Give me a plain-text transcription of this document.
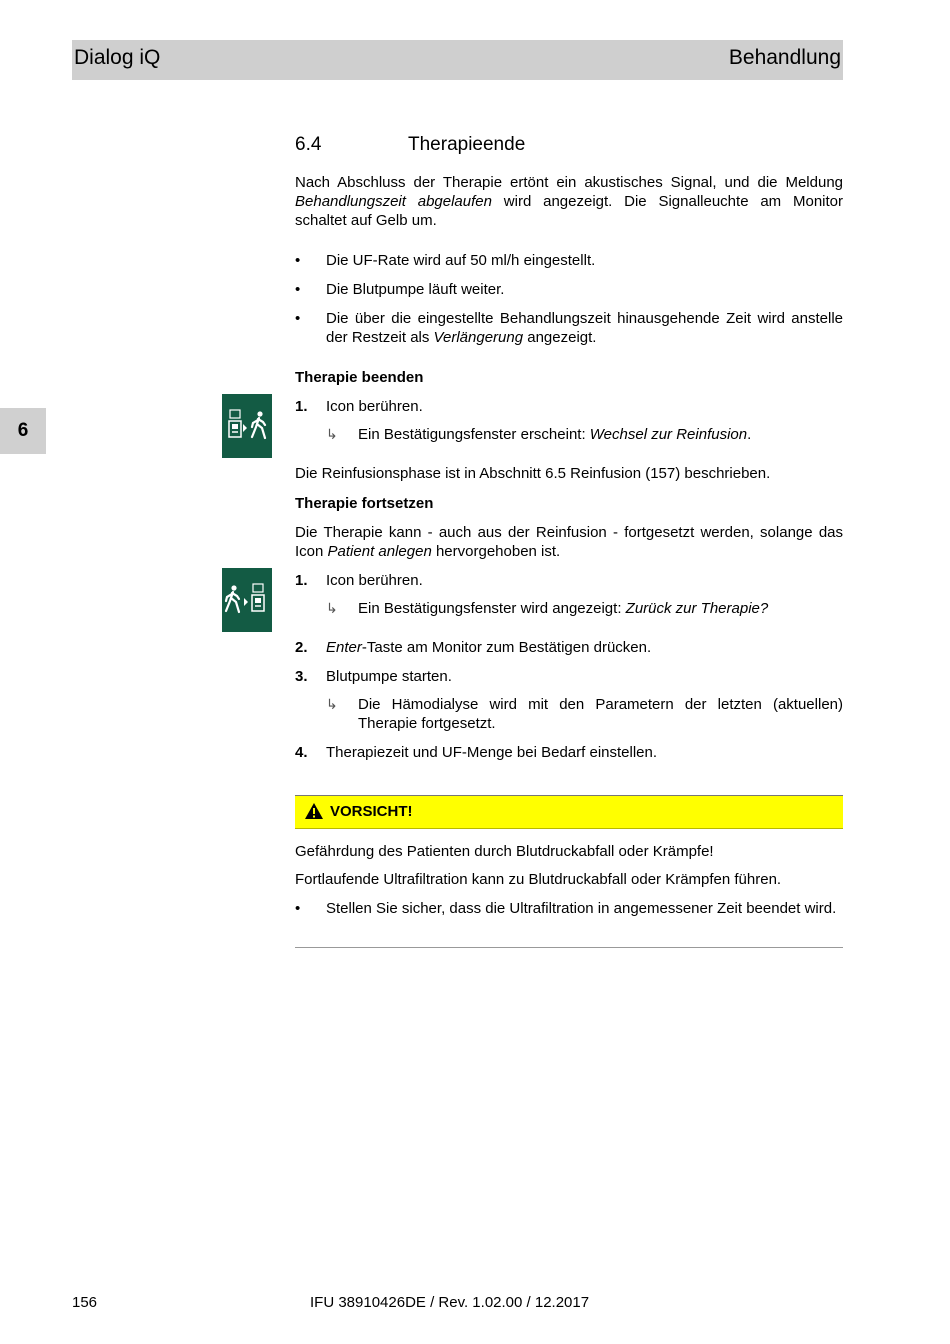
Dialog iQ	Behandlung
6
6.4	Therapieende
Nach Abschluss der Therapie ertönt ein akustisches Signal, und die Meldung Behandlungszeit abgelaufen wird angezeigt. Die Signalleuchte am Monitor schaltet auf Gelb um.
• Die UF-Rate wird auf 50 ml/h eingestellt.
• Die Blutpumpe läuft weiter.
• Die über die eingestellte Behandlungszeit hinausgehende Zeit wird anstelle der Restzeit als Verlängerung angezeigt.
Therapie beenden
1. Icon berühren.
↳ Ein Bestätigungsfenster erscheint: Wechsel zur Reinfusion.
Die Reinfusionsphase ist in Abschnitt 6.5 Reinfusion (157) beschrieben.
Therapie fortsetzen
Die Therapie kann - auch aus der Reinfusion - fortgesetzt werden, solange das Icon Patient anlegen hervorgehoben ist.
1. Icon berühren.
↳ Ein Bestätigungsfenster wird angezeigt: Zurück zur Therapie?
2. Enter-Taste am Monitor zum Bestätigen drücken.
3. Blutpumpe starten.
↳ Die Hämodialyse wird mit den Parametern der letzten (aktuellen) Therapie fortgesetzt.
4. Therapiezeit und UF-Menge bei Bedarf einstellen.
VORSICHT!
Gefährdung des Patienten durch Blutdruckabfall oder Krämpfe!
Fortlaufende Ultrafiltration kann zu Blutdruckabfall oder Krämpfen führen.
• Stellen Sie sicher, dass die Ultrafiltration in angemessener Zeit beendet wird.
156	IFU 38910426DE / Rev. 1.02.00 / 12.2017
